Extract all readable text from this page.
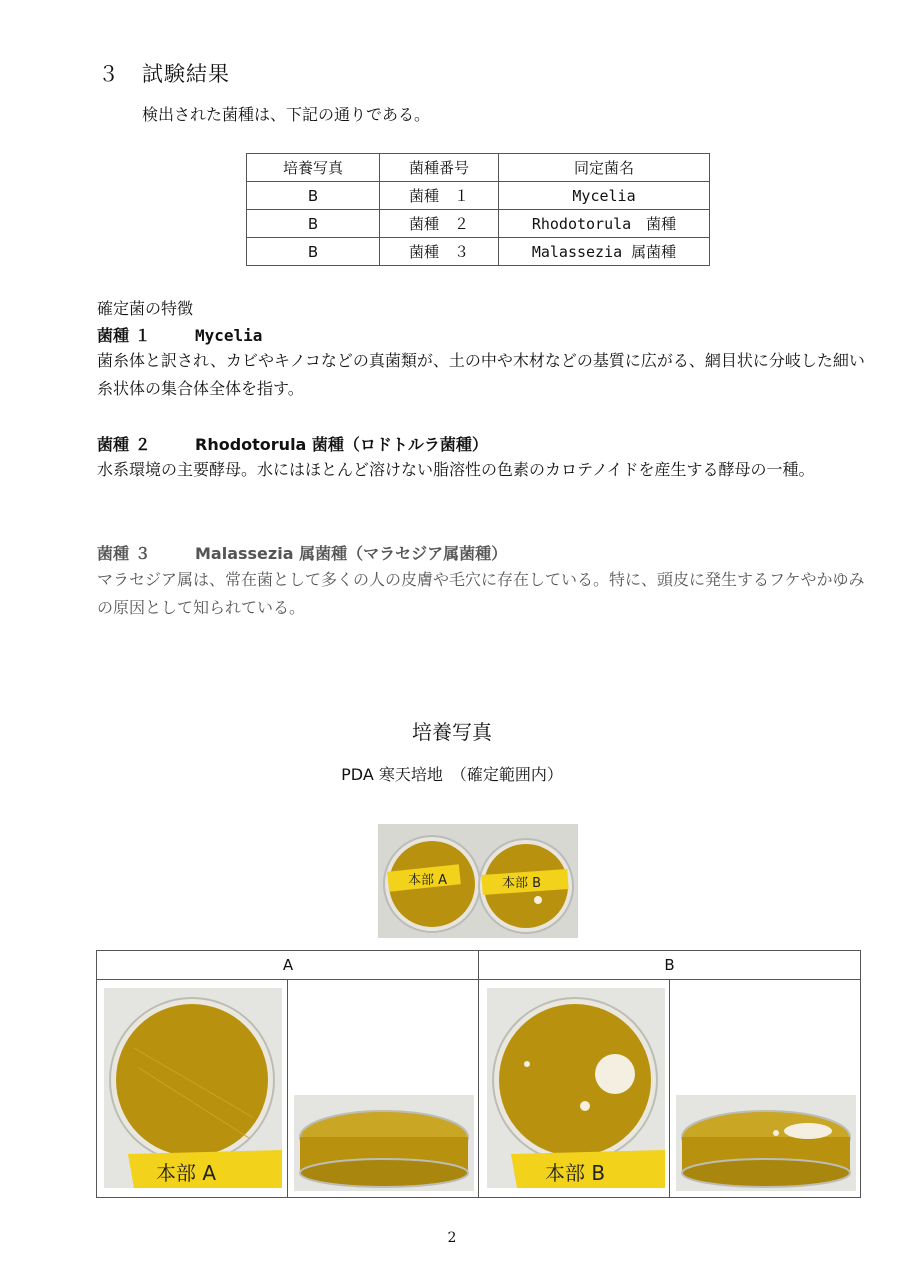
３ 試験結果
検出された菌種は、下記の通りである。
培養写真	菌種番号	同定菌名
B	菌種　１	Mycelia
B	菌種　２	Rhodotorula　菌種
B	菌種　３	Malassezia 属菌種
確定菌の特徴
菌種 １	Mycelia
菌糸体と訳され、カビやキノコなどの真菌類が、土の中や木材などの基質に広がる、網目状に分岐した細い糸状体の集合体全体を指す。
菌種 ２	Rhodotorula 菌種（ロドトルラ菌種）
水系環境の主要酵母。水にはほとんど溶けない脂溶性の色素のカロテノイドを産生する酵母の一種。
菌種 ３	Malassezia 属菌種（マラセジア属菌種）
マラセジア属は、常在菌として多くの人の皮膚や毛穴に存在している。特に、頭皮に発生するフケやかゆみの原因として知られている。
培養写真
PDA 寒天培地　（確定範囲内）
本部 A	本部 B
A	B
本部 A	本部 B
2
